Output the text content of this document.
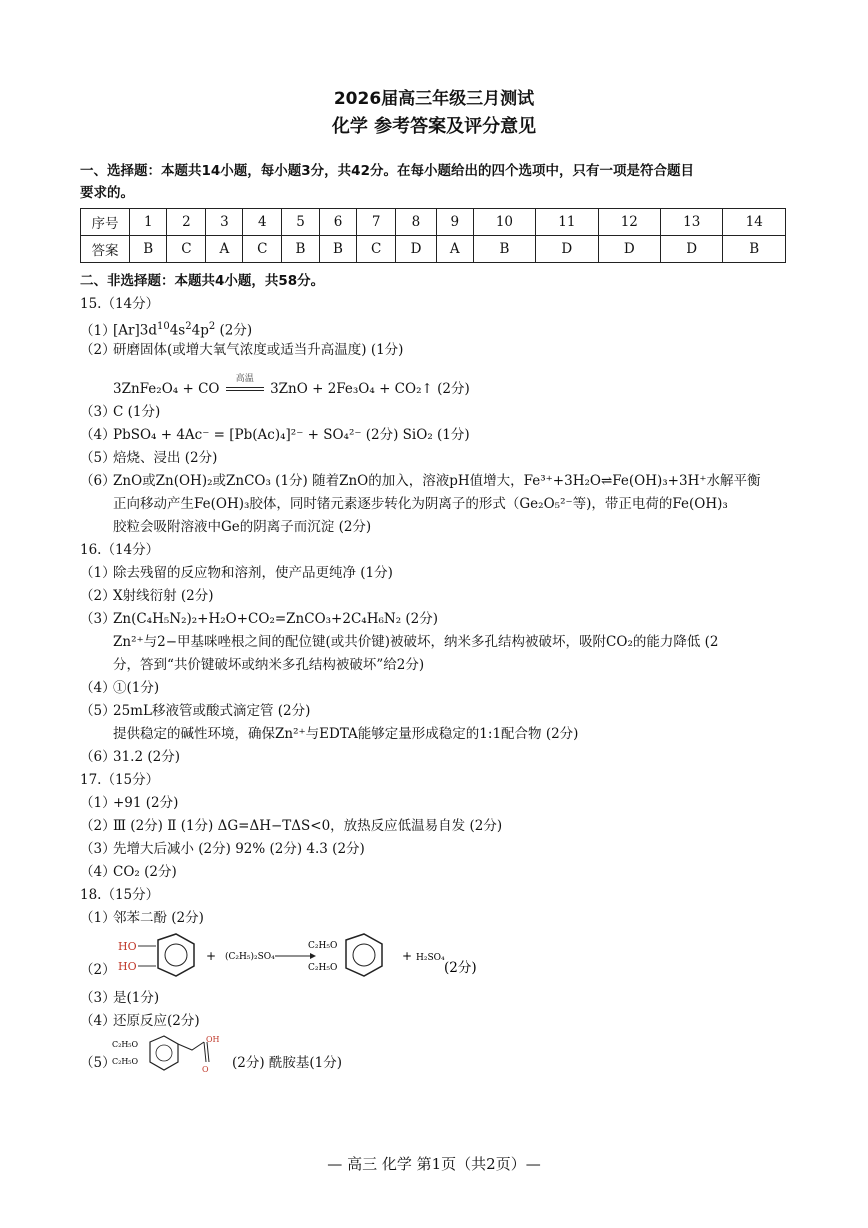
2026届高三年级三月测试
化学 参考答案及评分意见
一、选择题：本题共14小题，每小题3分，共42分。在每小题给出的四个选项中，只有一项是符合题目
要求的。
序号	1	2	3	4	5	6	7	8	9	10	11	12	13	14
答案	B	C	A	C	B	B	C	D	A	B	D	D	D	B
二、非选择题：本题共4小题，共58分。
15.（14分）
$(1)[Ar]3d^{10}4s^24p^2$ (2分)
（2）研磨固体(或增大氧气浓度或适当升高温度) (1分)
3ZnFe₂O₄ + CO
高温
3ZnO + 2Fe₃O₄ + CO₂↑ (2分)
（3）C (1分)
（4）PbSO₄ + 4Ac⁻ = [Pb(Ac)₄]²⁻ + SO₄²⁻ (2分) SiO₂ (1分)
（5）焙烧、浸出 (2分)
（6）ZnO或Zn(OH)₂或ZnCO₃ (1分) 随着ZnO的加入，溶液pH值增大，Fe³⁺+3H₂O⇌Fe(OH)₃+3H⁺水解平衡
正向移动产生Fe(OH)₃胶体，同时锗元素逐步转化为阴离子的形式（Ge₂O₅²⁻等)，带正电荷的Fe(OH)₃
胶粒会吸附溶液中Ge的阴离子而沉淀 (2分)
16.（14分）
（1）除去残留的反应物和溶剂，使产品更纯净 (1分)
（2）X射线衍射 (2分)
（3）Zn(C₄H₅N₂)₂+H₂O+CO₂=ZnCO₃+2C₄H₆N₂ (2分)
Zn²⁺与2−甲基咪唑根之间的配位键(或共价键)被破坏，纳米多孔结构被破坏，吸附CO₂的能力降低 (2
分，答到“共价键破坏或纳米多孔结构被破坏”给2分)
（4）①(1分)
（5）25mL移液管或酸式滴定管 (2分)
提供稳定的碱性环境，确保Zn²⁺与EDTA能够定量形成稳定的1:1配合物 (2分)
（6）31.2 (2分)
17.（15分）
（1）+91 (2分)
（2）Ⅲ (2分) Ⅱ (1分) ΔG=ΔH−TΔS<0，放热反应低温易自发 (2分)
（3）先增大后减小 (2分) 92% (2分) 4.3 (2分)
（4）CO₂ (2分)
18.（15分）
（1）邻苯二酚 (2分)
（2）
HO
HO
+ (C₂H₅)₂SO₄
C₂H₅O
C₂H₅O
+ H₂SO₄
(2分)
（3）是(1分)
（4）还原反应(2分)
（5）
C₂H₅O
C₂H₅O
OH
O (2分) 酰胺基(1分)
— 高三 化学 第1页（共2页）—
